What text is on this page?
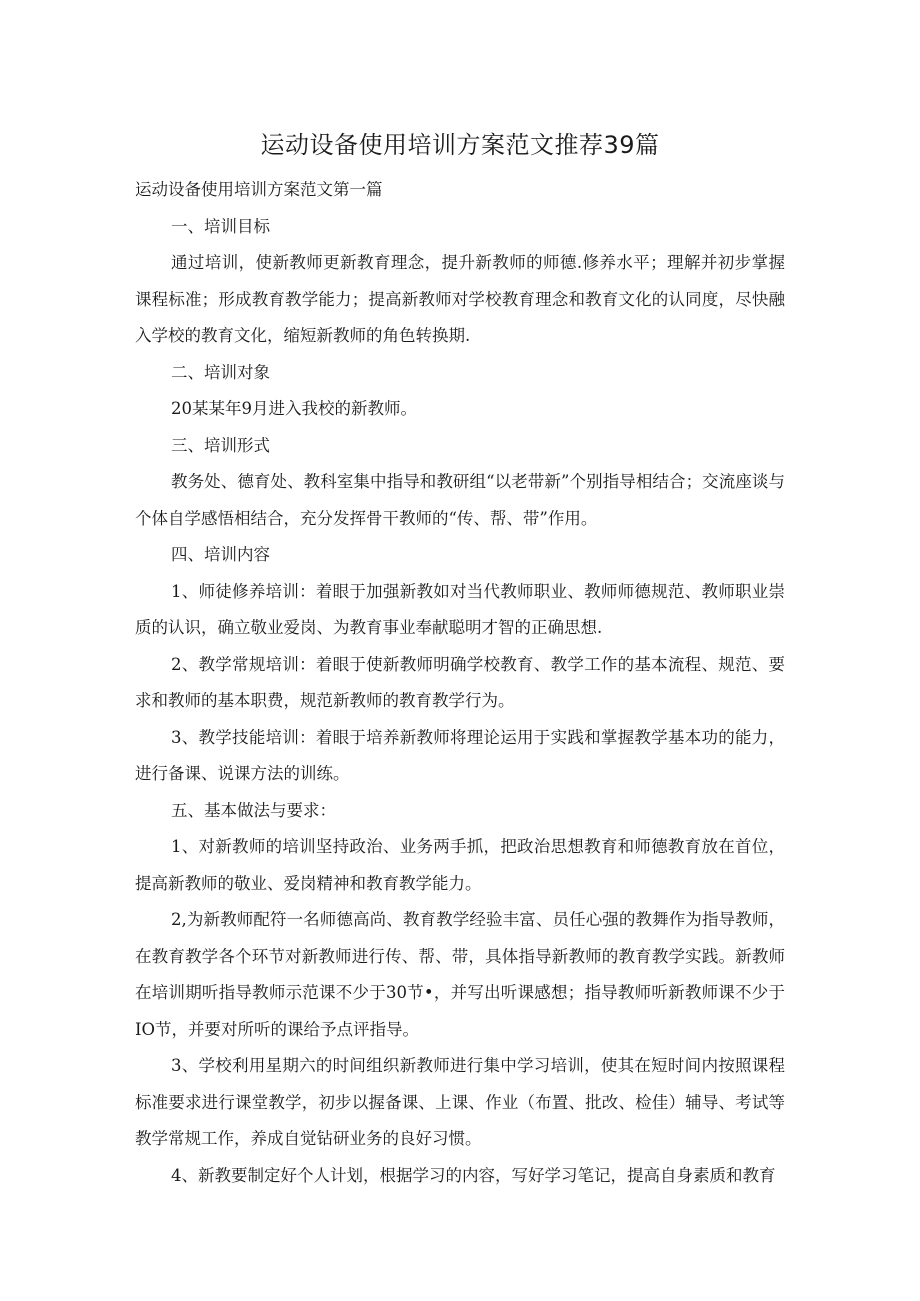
运动设备使用培训方案范文推荐39篇

运动设备使用培训方案范文第一篇

一、培训目标

通过培训，使新教师更新教育理念，提升新教师的师德.修养水平；理解并初步掌握课程标准；形成教育教学能力；提高新教师对学校教育理念和教育文化的认同度，尽快融入学校的教育文化，缩短新教师的角色转换期.

二、培训对象

20某某年9月进入我校的新教师。

三、培训形式

教务处、德育处、教科室集中指导和教研组“以老带新”个别指导相结合；交流座谈与个体自学感悟相结合，充分发挥骨干教师的“传、帮、带”作用。

四、培训内容

1、师徒修养培训：着眼于加强新教如对当代教师职业、教师师德规范、教师职业崇质的认识，确立敬业爱岗、为教育事业奉献聪明才智的正确思想.

2、教学常规培训：着眼于使新教师明确学校教育、教学工作的基本流程、规范、要求和教师的基本职费，规范新教师的教育教学行为。

3、教学技能培训：着眼于培养新教师将理论运用于实践和掌握教学基本功的能力，进行备课、说课方法的训练。

五、基本做法与要求：

1、对新教师的培训坚持政治、业务两手抓，把政治思想教育和师德教育放在首位，提高新教师的敬业、爱岗精神和教育教学能力。

2,为新教师配符一名师德高尚、教育教学经验丰富、员任心强的教舞作为指导教师，在教育教学各个环节对新教师进行传、帮、带，具体指导新教师的教育教学实践。新教师在培训期听指导教师示范课不少于30节•，并写出听课感想；指导教师听新教师课不少于IO节，并要对所听的课给予点评指导。

3、学校利用星期六的时间组织新教师进行集中学习培训，使其在短时间内按照课程标准要求进行课堂教学，初步以握备课、上课、作业（布置、批改、检佳）辅导、考试等教学常规工作，养成自觉钻研业务的良好习惯。

4、新教要制定好个人计划，根据学习的内容，写好学习笔记，提高自身素质和教育
